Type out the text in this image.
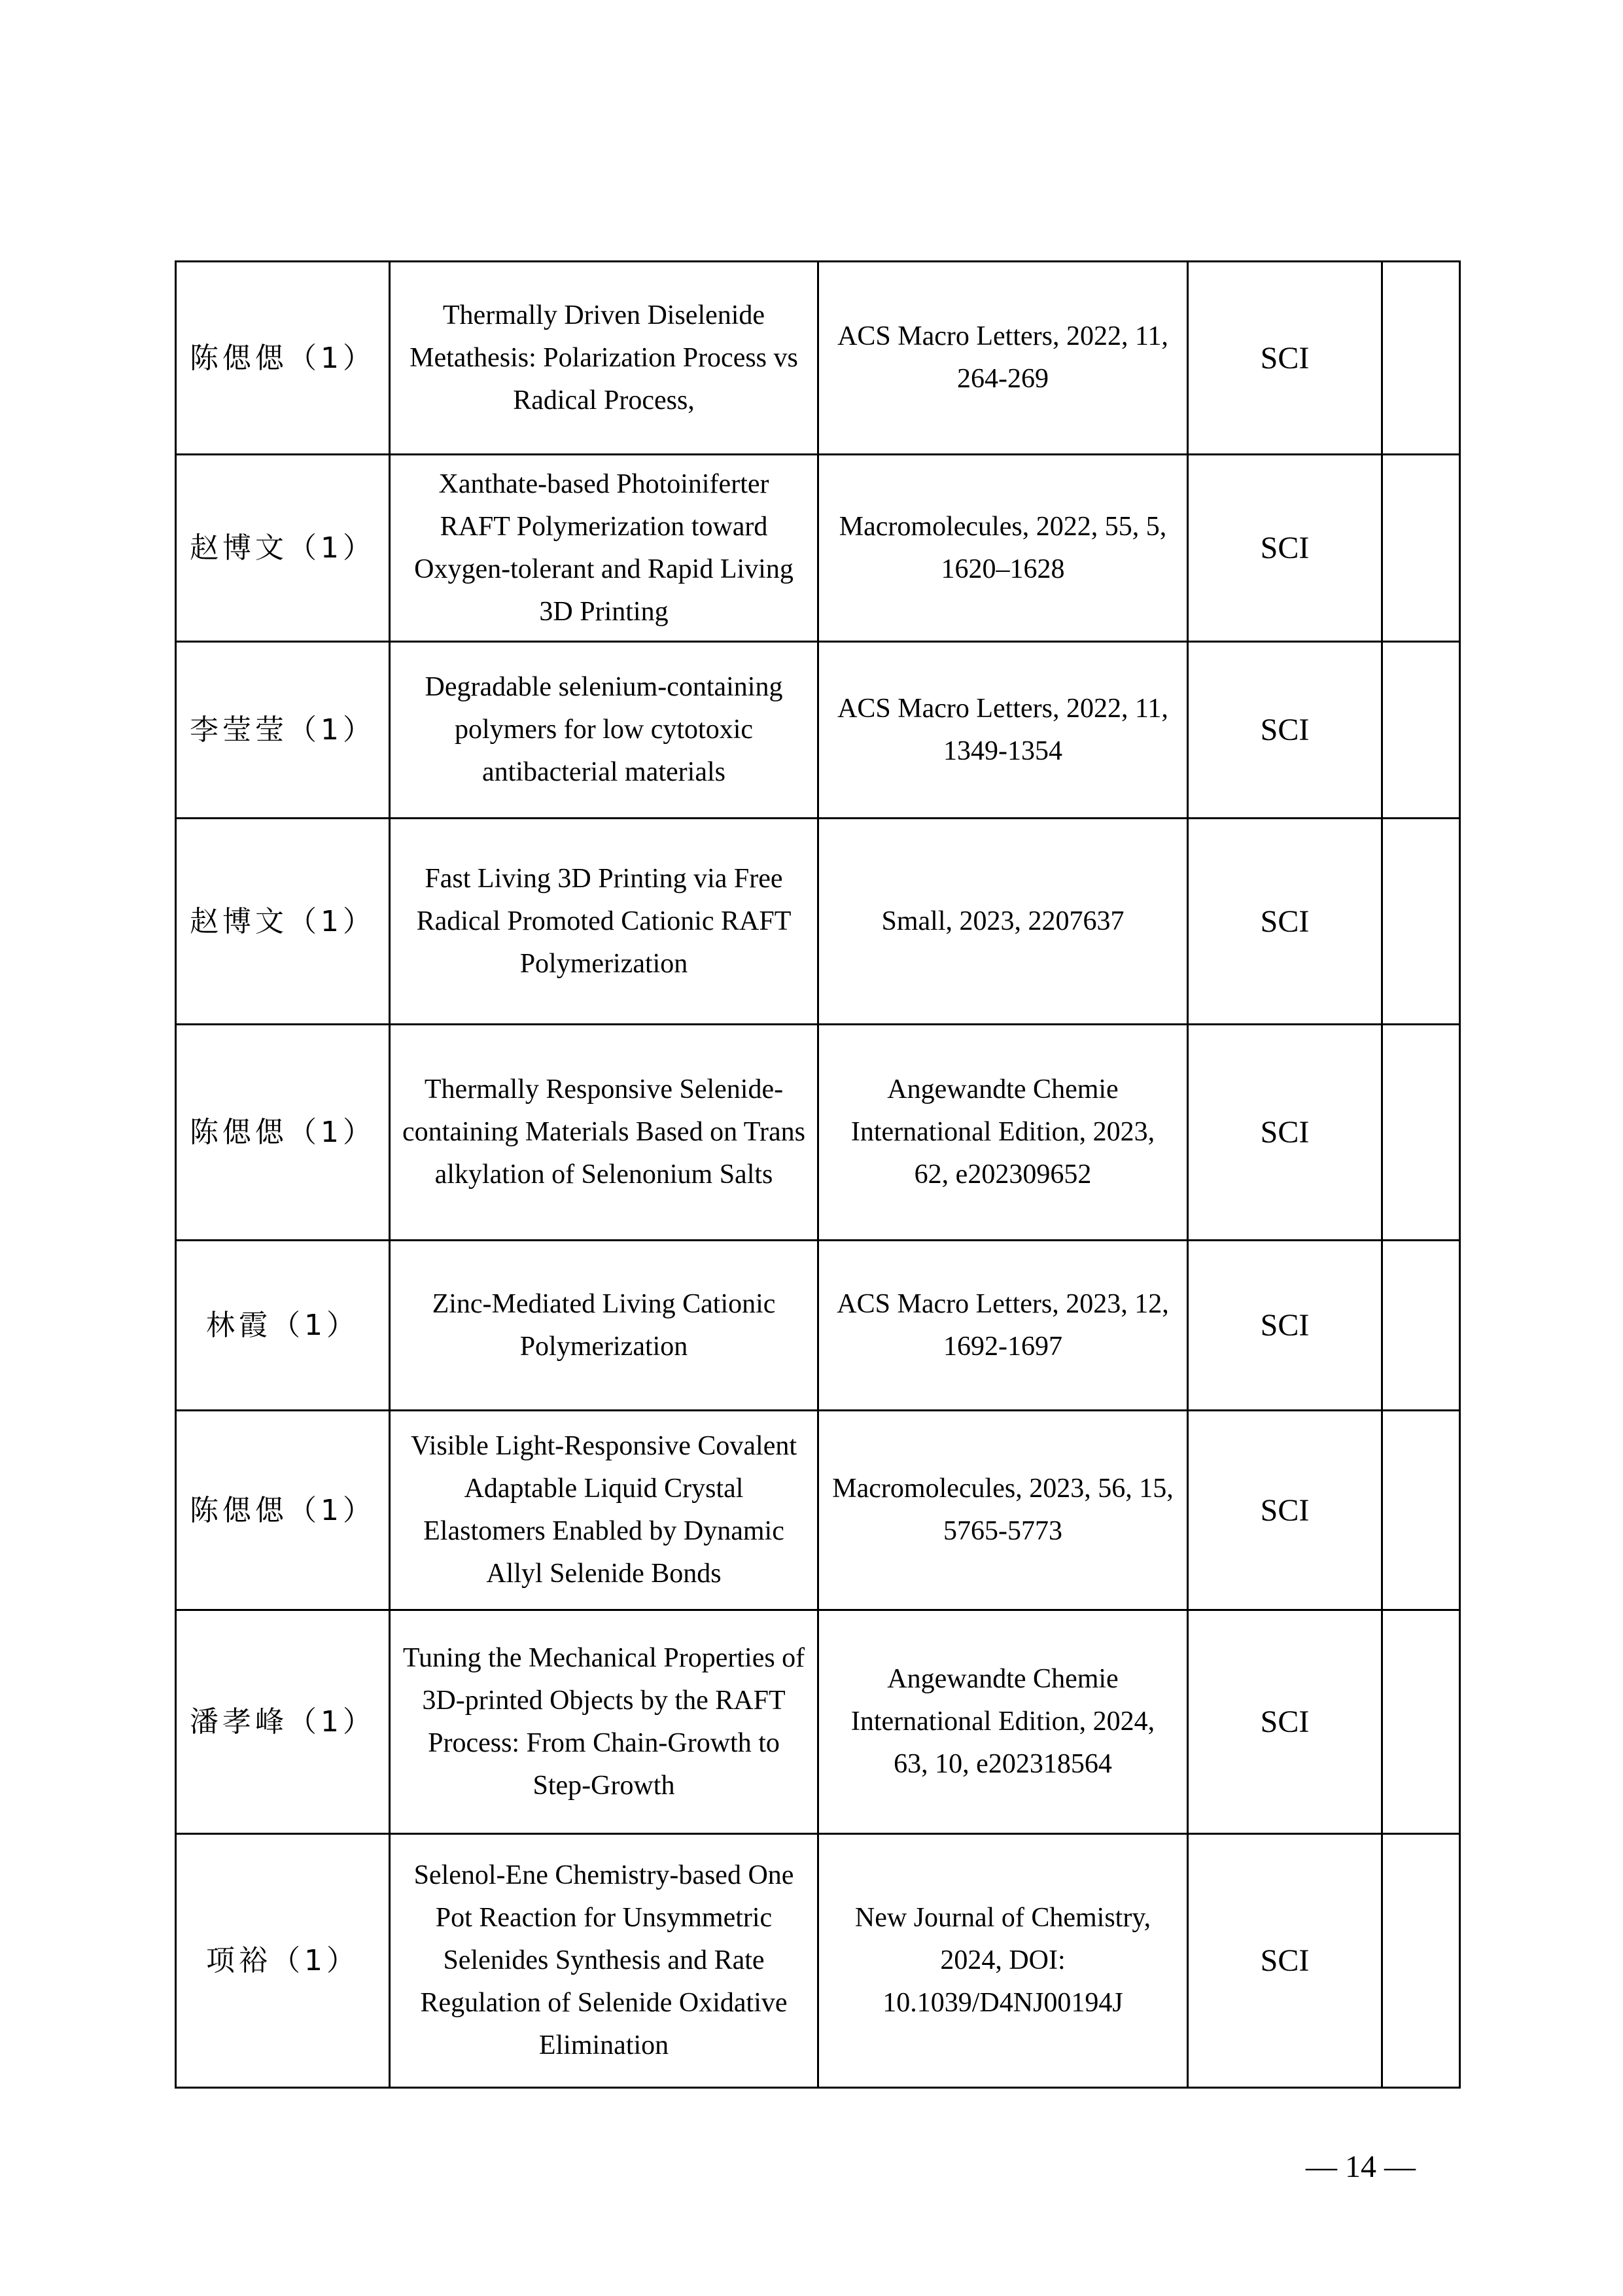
陈偲偲（1）	Thermally Driven Diselenide Metathesis: Polarization Process vs Radical Process,	ACS Macro Letters, 2022, 11, 264-269	SCI	
赵博文（1）	Xanthate-based Photoiniferter RAFT Polymerization toward Oxygen-tolerant and Rapid Living 3D Printing	Macromolecules, 2022, 55, 5, 1620–1628	SCI	
李莹莹（1）	Degradable selenium-containing polymers for low cytotoxic antibacterial materials	ACS Macro Letters, 2022, 11, 1349-1354	SCI	
赵博文（1）	Fast Living 3D Printing via Free Radical Promoted Cationic RAFT Polymerization	Small, 2023, 2207637	SCI	
陈偲偲（1）	Thermally Responsive Selenide-containing Materials Based on Trans alkylation of Selenonium Salts	Angewandte Chemie International Edition, 2023, 62, e202309652	SCI	
林霞（1）	Zinc-Mediated Living Cationic Polymerization	ACS Macro Letters, 2023, 12, 1692-1697	SCI	
陈偲偲（1）	Visible Light-Responsive Covalent Adaptable Liquid Crystal Elastomers Enabled by Dynamic Allyl Selenide Bonds	Macromolecules, 2023, 56, 15, 5765-5773	SCI	
潘孝峰（1）	Tuning the Mechanical Properties of 3D-printed Objects by the RAFT Process: From Chain-Growth to Step-Growth	Angewandte Chemie International Edition, 2024, 63, 10, e202318564	SCI	
项裕（1）	Selenol-Ene Chemistry-based One Pot Reaction for Unsymmetric Selenides Synthesis and Rate Regulation of Selenide Oxidative Elimination	New Journal of Chemistry, 2024, DOI: 10.1039/D4NJ00194J	SCI	
— 14 —
